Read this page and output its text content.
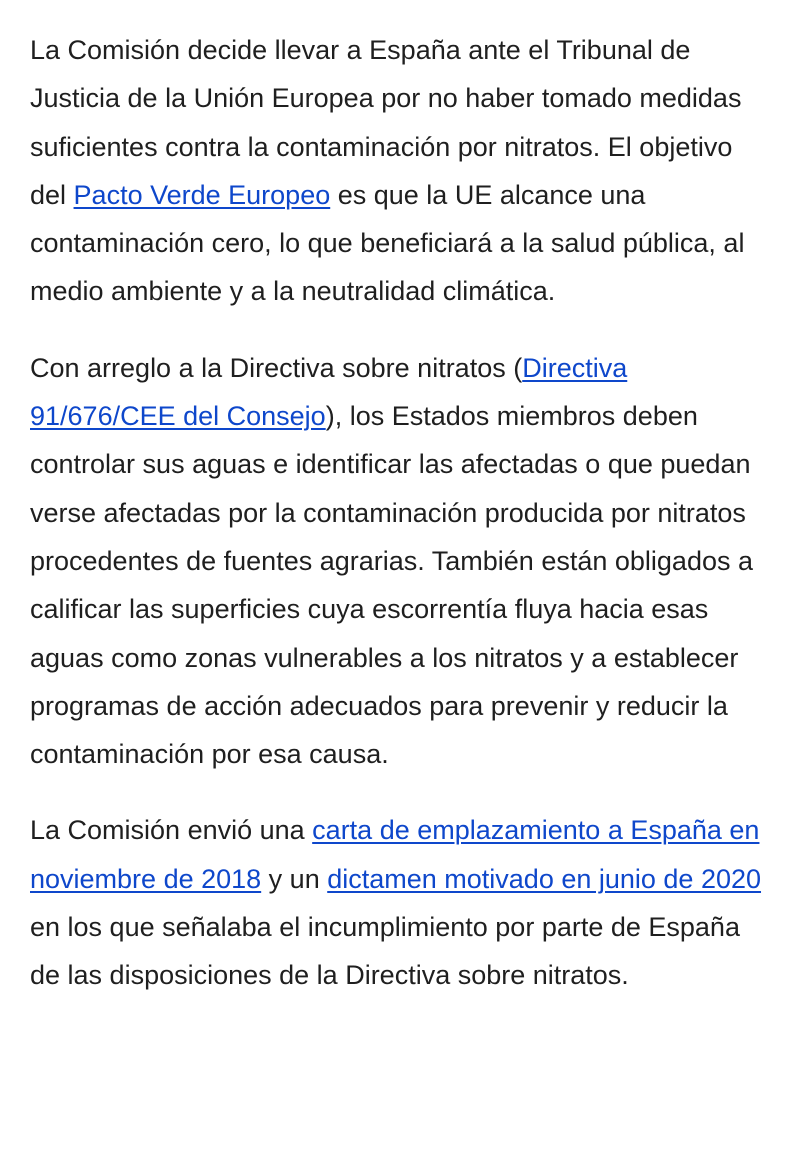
La Comisión decide llevar a España ante el Tribunal de Justicia de la Unión Europea por no haber tomado medidas suficientes contra la contaminación por nitratos. El objetivo del Pacto Verde Europeo es que la UE alcance una contaminación cero, lo que beneficiará a la salud pública, al medio ambiente y a la neutralidad climática.

Con arreglo a la Directiva sobre nitratos (Directiva 91/676/CEE del Consejo), los Estados miembros deben controlar sus aguas e identificar las afectadas o que puedan verse afectadas por la contaminación producida por nitratos procedentes de fuentes agrarias. También están obligados a calificar las superficies cuya escorrentía fluya hacia esas aguas como zonas vulnerables a los nitratos y a establecer programas de acción adecuados para prevenir y reducir la contaminación por esa causa.

La Comisión envió una carta de emplazamiento a España en noviembre de 2018 y un dictamen motivado en junio de 2020 en los que señalaba el incumplimiento por parte de España de las disposiciones de la Directiva sobre nitratos.
